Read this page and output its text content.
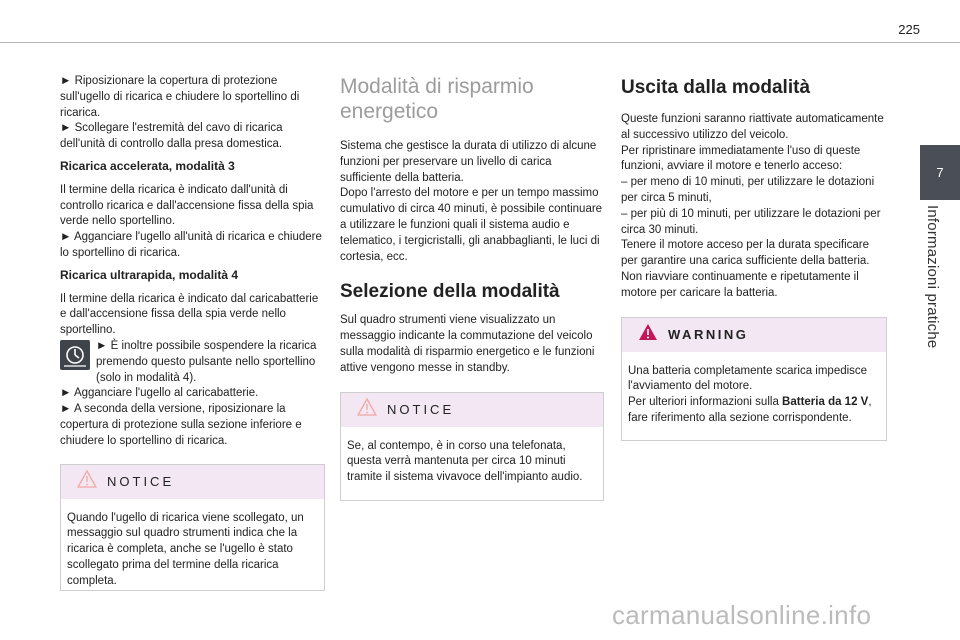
225
7
Informazioni pratiche

► Riposizionare la copertura di protezione sull'ugello di ricarica e chiudere lo sportellino di ricarica.

► Scollegare l'estremità del cavo di ricarica dell'unità di controllo dalla presa domestica.

Ricarica accelerata, modalità 3

Il termine della ricarica è indicato dall'unità di controllo ricarica e dall'accensione fissa della spia verde nello sportellino.

► Agganciare l'ugello all'unità di ricarica e chiudere lo sportellino di ricarica.

Ricarica ultrarapida, modalità 4

Il termine della ricarica è indicato dal caricabatterie e dall'accensione fissa della spia verde nello sportellino.

► È inoltre possibile sospendere la ricarica premendo questo pulsante nello sportellino (solo in modalità 4).

► Agganciare l'ugello al caricabatterie.

► A seconda della versione, riposizionare la copertura di protezione sulla sezione inferiore e chiudere lo sportellino di ricarica.

NOTICE

Quando l'ugello di ricarica viene scollegato, un messaggio sul quadro strumenti indica che la ricarica è completa, anche se l'ugello è stato scollegato prima del termine della ricarica completa.

Modalità di risparmio energetico

Sistema che gestisce la durata di utilizzo di alcune funzioni per preservare un livello di carica sufficiente della batteria.

Dopo l'arresto del motore e per un tempo massimo cumulativo di circa 40 minuti, è possibile continuare a utilizzare le funzioni quali il sistema audio e telematico, i tergicristalli, gli anabbaglianti, le luci di cortesia, ecc.

Selezione della modalità

Sul quadro strumenti viene visualizzato un messaggio indicante la commutazione del veicolo sulla modalità di risparmio energetico e le funzioni attive vengono messe in standby.

NOTICE

Se, al contempo, è in corso una telefonata, questa verrà mantenuta per circa 10 minuti tramite il sistema vivavoce dell'impianto audio.

Uscita dalla modalità

Queste funzioni saranno riattivate automaticamente al successivo utilizzo del veicolo.

Per ripristinare immediatamente l'uso di queste funzioni, avviare il motore e tenerlo acceso:

– per meno di 10 minuti, per utilizzare le dotazioni per circa 5 minuti,

– per più di 10 minuti, per utilizzare le dotazioni per circa 30 minuti.

Tenere il motore acceso per la durata specificare per garantire una carica sufficiente della batteria.

Non riavviare continuamente e ripetutamente il motore per caricare la batteria.

WARNING

Una batteria completamente scarica impedisce l'avviamento del motore.

Per ulteriori informazioni sulla Batteria da 12 V, fare riferimento alla sezione corrispondente.

carmanualsonline.info
